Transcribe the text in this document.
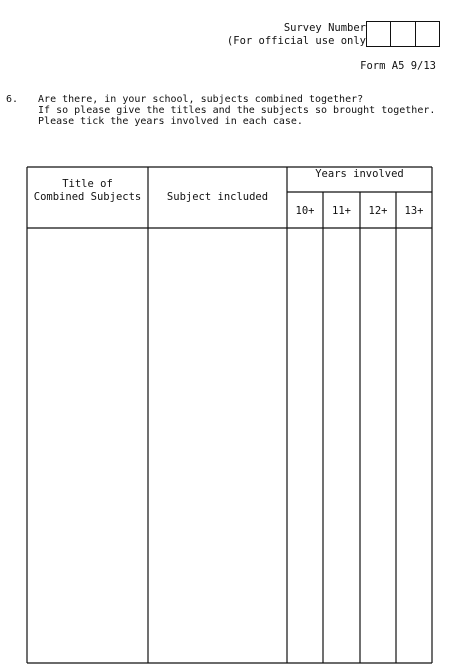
Survey Number
(For official use only
Form A5 9/13
6. Are there, in your school, subjects combined together?
If so please give the titles and the subjects so brought together.
Please tick the years involved in each case.
Title of
Combined Subjects	Subject included
Years involved
10+	11+	12+	13+
